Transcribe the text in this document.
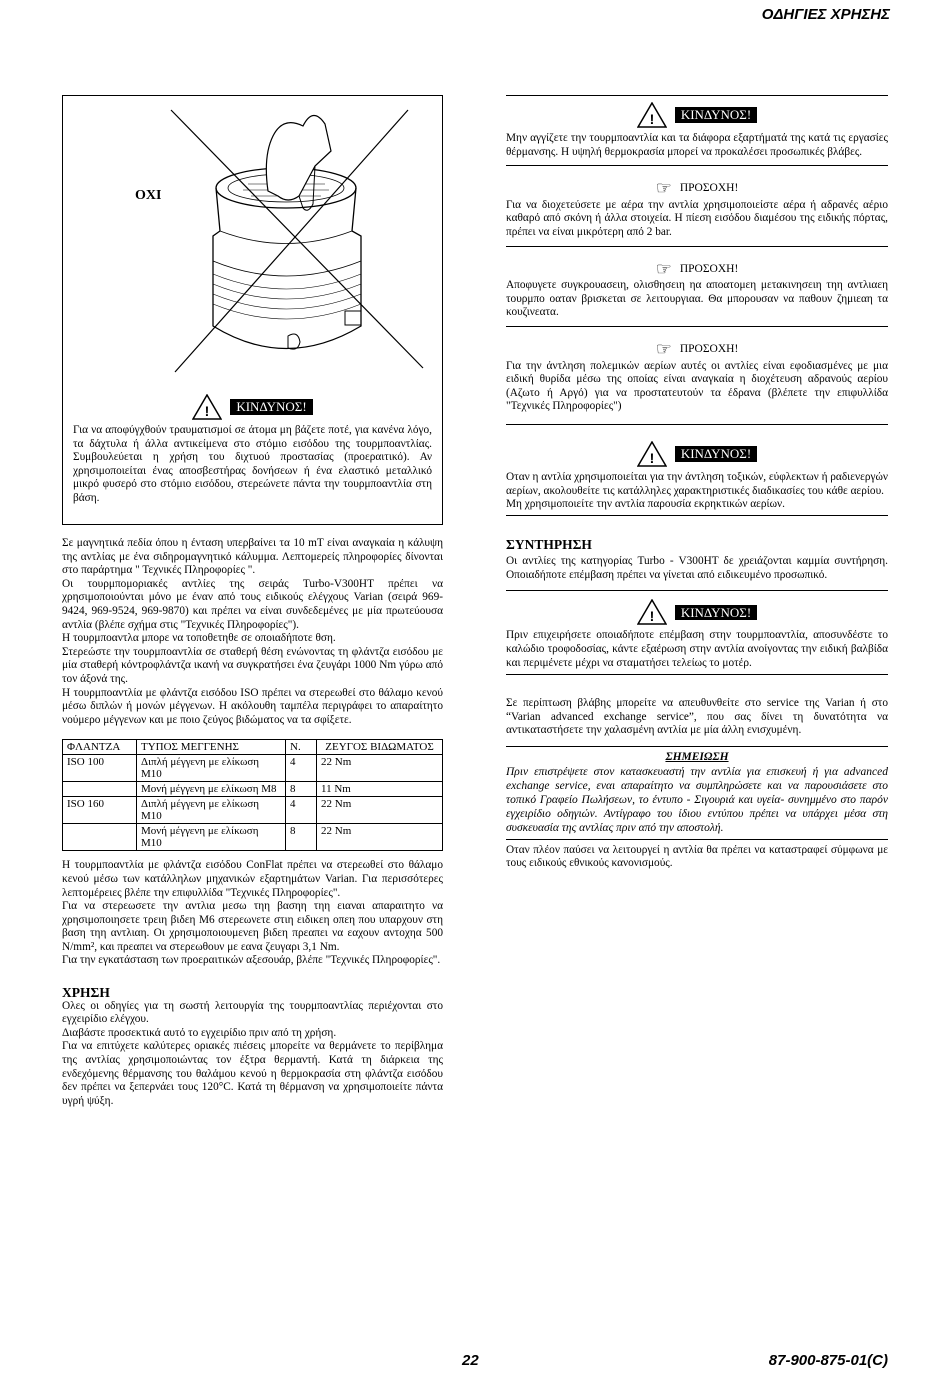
ΟΔΗΓΙΕΣ ΧΡΗΣΗΣ
OXI
!	ΚΙΝΔΥΝΟΣ!

Για να αποφύγχθούν τραυματισμοί σε άτομα μη βάζετε ποτέ, για κανένα λόγο, τα δάχτυλα ή άλλα αντικείμενα στο στόμιο εισόδου της τουρμποαντλίας. Συμβουλεύεται η χρήση του διχτυού προστασίας (προεραιτικό). Αν χρησιμοποιείται ένας αποσβεστήρας δονήσεων ή ένα ελαστικό μεταλλικό μικρό φυσερό στο στόμιο εισόδου, στερεώνετε πάντα την τουρμποαντλία στη βάση.

Σε μαγνητικά πεδία όπου η ένταση υπερβαίνει τα 10 mT είναι αναγκαία η κάλυψη της αντλίας με ένα σιδηρομαγνητικό κάλυμμα. Λεπτομερείς πληροφορίες δίνονται στο παράρτημα " Τεχνικές Πληροφορίες ".

Οι τουρμπομοριακές αντλίες της σειράς Turbo-V300HT πρέπει να χρησιμοποιούνται μόνο με έναν από τους ειδικούς ελέγχους Varian (σειρά 969-9424, 969-9524, 969-9870) και πρέπει να είναι συνδεδεμένες με μία πρωτεύουσα αντλία (βλέπε σχήμα στις "Τεχνικές Πληροφορίες").

Η τουρμποαντλα μπορε να τοποθετηθε σε οποιαδήποτε θση.

Στερεώστε την τουρμποαντλία σε σταθερή θέση ενώνοντας τη φλάντζα εισόδου με μία σταθερή κόντροφλάντζα ικανή να συγκρατήσει ένα ζευγάρι 1000 Nm γύρω από τον άξονά της.

Η τουρμποαντλία με φλάντζα εισόδου ISO πρέπει να στερεωθεί στο θάλαμο κενού μέσω διπλών ή μονών μέγγενων. Η ακόλουθη ταμπέλα περιγράφει το απαραίτητο νούμερο μέγγενων και με ποιο ζεύγος βιδώματος να τα σφίξετε.

ΦΛΑΝΤΖΑ	ΤΥΠΟΣ ΜΕΓΓΕΝΗΣ	Ν.	ΖΕΥΓΟΣ ΒΙΔΩΜΑΤΟΣ
ISO 100	Διπλή μέγγενη με ελίκωση M10	4	22 Nm
	Μονή μέγγενη με ελίκωση M8	8	11 Nm
ISO 160	Διπλή μέγγενη με ελίκωση M10	4	22 Nm
	Μονή μέγγενη με ελίκωση M10	8	22 Nm

Η τουρμποαντλία με φλάντζα εισόδου ConFlat πρέπει να στερεωθεί στο θάλαμο κενού μέσω των κατάλληλων μηχανικών εξαρτημάτων Varian. Για περισσότερες λεπτομέρειες βλέπε την επιφυλλίδα "Τεχνικές Πληροφορίες".

Για να στερεωσετε την αντλια μεσω τηη βασηη τηη ειαναι απαραιτητο να χρησιμοποιησετε τρειη βιδεη M6 στερεωνετε στιη ειδικεη οπεη που υπαρχουν στη βαση τηη αντλιαη. Οι χρησιμοποιουμενεη βιδεη πρεαπει να εαχουν αντοχηα 500 N/mm², και πρεαπει να στερεωθουν με εανα ζευγαρι 3,1 Nm.

Για την εγκατάσταση των προεραιτικών αξεσουάρ, βλέπε "Τεχνικές Πληροφορίες".

ΧΡΗΣΗ

Ολες οι οδηγίες για τη σωστή λειτουργία της τουρμποαντλίας περιέχονται στο εγχειρίδιο ελέγχου.

Διαβάστε προσεκτικά αυτό το εγχειρίδιο πριν από τη χρήση.

Για να επιτύχετε καλύτερες οριακές πιέσεις μπορείτε να θερμάνετε το περίβλημα της αντλίας χρησιμοποιώντας τον έξτρα θερμαντή. Κατά τη διάρκεια της ενδεχόμενης θέρμανσης του θαλάμου κενού η θερμοκρασία στη φλάντζα εισόδου δεν πρέπει να ξεπερνάει τους 120°C. Κατά τη θέρμανση να χρησιμοποιείτε πάντα υγρή ψύξη.

!	ΚΙΝΔΥΝΟΣ!

Μην αγγίζετε την τουρμποαντλία και τα διάφορα εξαρτήματά της κατά τις εργασίες θέρμανσης. Η υψηλή θερμοκρασία μπορεί να προκαλέσει προσωπικές βλάβες.

☞ ΠΡΟΣΟΧΗ!

Για να διοχετεύσετε με αέρα την αντλία χρησιμοποιείστε αέρα ή αδρανές αέριο καθαρό από σκόνη ή άλλα στοιχεία. Η πίεση εισόδου διαμέσου της ειδικής πόρτας, πρέπει να είναι μικρότερη από 2 bar.

☞ ΠΡΟΣΟΧΗ!

Αποφυγετε συγκρουασειη, ολισθησειη ηα αποατομεη μετακινησειη τηη αντλιαεη τουρμπο οαταν βρισκεται σε λειτουργιαα. Θα μπορουσαν να παθουν ζημιεαη τα κουζινεατα.

☞ ΠΡΟΣΟΧΗ!

Για την άντληση πολεμικών αερίων αυτές οι αντλίες είναι εφοδιασμένες με μια ειδική θυρίδα μέσω της οποίας είναι αναγκαία η διοχέτευση αδρανούς αερίου (Αζωτο ή Αργό) για να προστατευτούν τα έδρανα (βλέπετε την επιφυλλίδα "Τεχνικές Πληροφορίες")

!	ΚΙΝΔΥΝΟΣ!

Οταν η αντλία χρησιμοποιείται για την άντληση τοξικών, εύφλεκτων ή ραδιενεργών αερίων, ακολουθείτε τις κατάλληλες χαρακτηριστικές διαδικασίες του κάθε αερίου.

Μη χρησιμοποιείτε την αντλία παρουσία εκρηκτικών αερίων.

ΣΥΝΤΗΡΗΣΗ

Οι αντλίες της κατηγορίας Turbo - V300HT δε χρειάζονται καμμία συντήρηση. Οποιαδήποτε επέμβαση πρέπει να γίνεται από ειδικευμένο προσωπικό.

!	ΚΙΝΔΥΝΟΣ!

Πριν επιχειρήσετε οποιαδήποτε επέμβαση στην τουρμποαντλία, αποσυνδέστε το καλώδιο τροφοδοσίας, κάντε εξαέρωση στην αντλία ανοίγοντας την ειδική βαλβίδα και περιμένετε μέχρι να σταματήσει τελείως το μοτέρ.

Σε περίπτωση βλάβης μπορείτε να απευθυνθείτε στο service της Varian ή στο “Varian advanced exchange service”, που σας δίνει τη δυνατότητα να αντικαταστήσετε την χαλασμένη αντλία με μία άλλη ενισχυμένη.

ΣΗΜΕΙΩΣΗ

Πριν επιστρέψετε στον κατασκευαστή την αντλία για επισκευή ή για advanced exchange service, εναι απαραίτητο να συμπληρώσετε και να παρουσιάσετε στο τοπικό Γραφείο Πωλήσεων, το έντυπο - Σιγουριά και υγεία- συνημμένο στο παρόν εγχειρίδιο οδηγιών. Αντίγραφο του ίδιου εντύπου πρέπει να υπάρχει μέσα στη συσκευασία της αντλίας πριν από την αποστολή.

Οταν πλέον παύσει να λειτουργεί η αντλία θα πρέπει να καταστραφεί σύμφωνα με τους ειδικούς εθνικούς κανονισμούς.

22	87-900-875-01(C)
